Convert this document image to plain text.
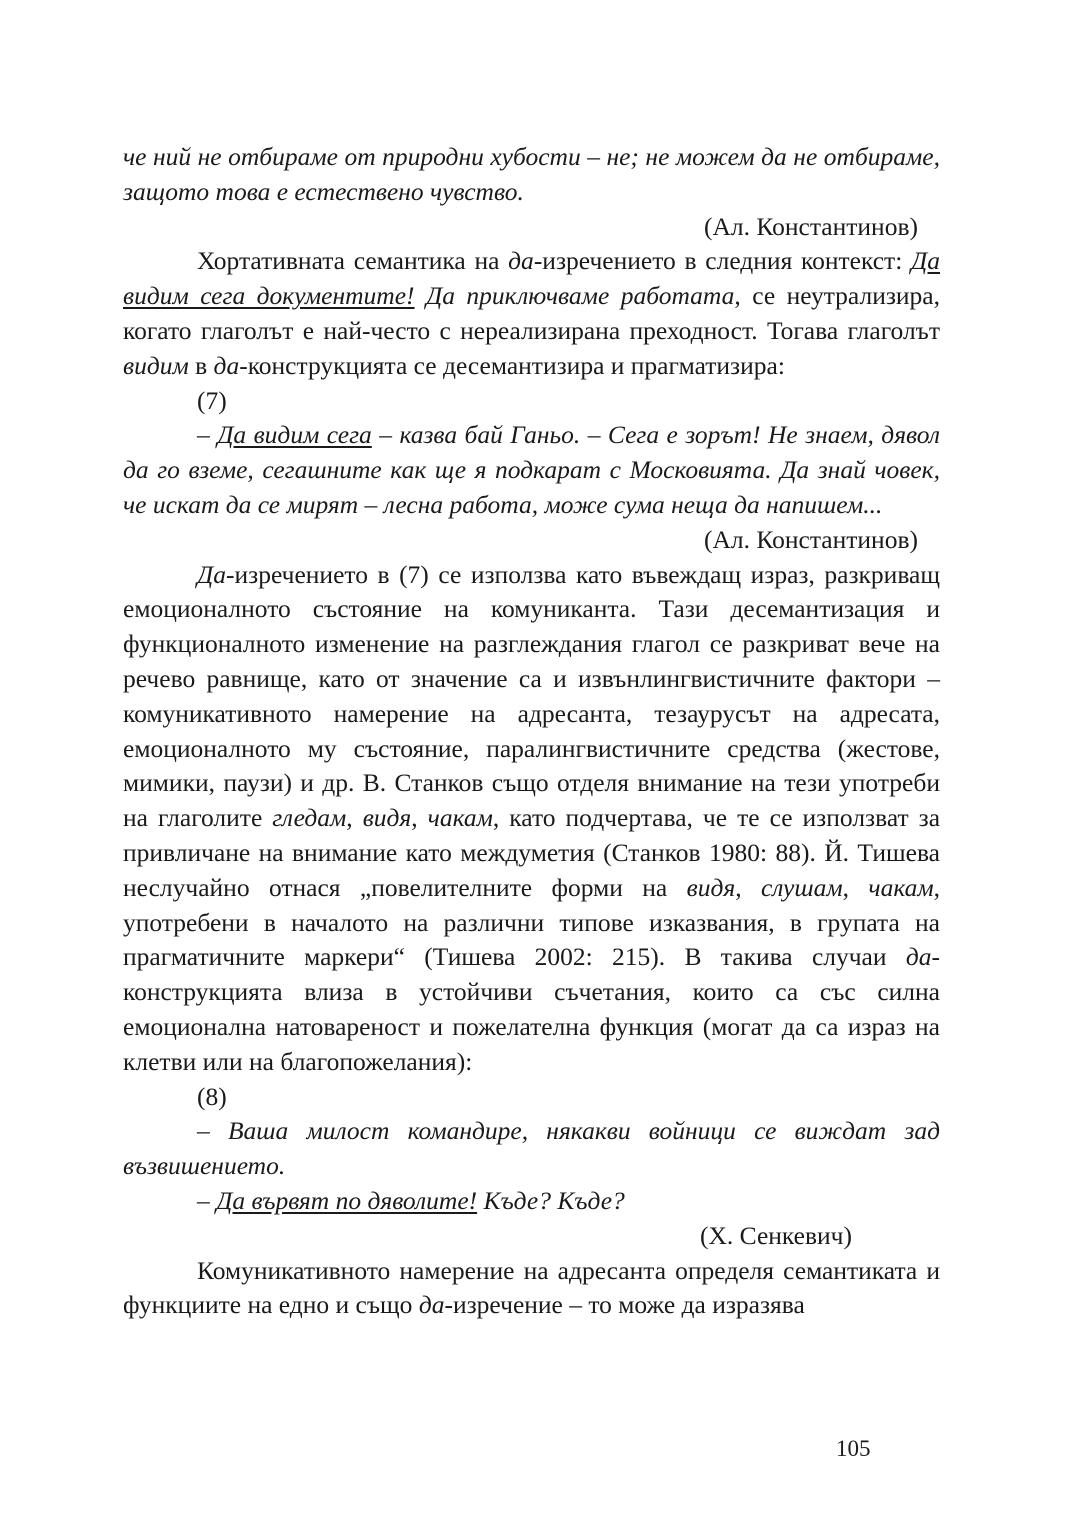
че ний не отбираме от природни хубости – не; не можем да не отбираме, защото това е естествено чувство.

(Ал. Константинов)

Хортативната семантика на да-изречението в следния контекст: Да видим сега документите! Да приключваме работата, се неутрализира, когато глаголът е най-често с нереализирана преходност. Тогава глаголът видим в да-конструкцията се десемантизира и прагматизира:

(7)

– Да видим сега – казва бай Ганьо. – Сега е зорът! Не знаем, дявол да го вземе, сегашните как ще я подкарат с Московията. Да знай човек, че искат да се мирят – лесна работа, може сума неща да напишем...

(Ал. Константинов)

Да-изречението в (7) се използва като въвеждащ израз, разкриващ емоционалното състояние на комуниканта. Тази десемантизация и функционалното изменение на разглеждания глагол се разкриват вече на речево равнище, като от значение са и извънлингвистичните фактори – комуникативното намерение на адресанта, тезаурусът на адресата, емоционалното му състояние, паралингвистичните средства (жестове, мимики, паузи) и др. В. Станков също отделя внимание на тези употреби на глаголите гледам, видя, чакам, като подчертава, че те се използват за привличане на внимание като междуметия (Станков 1980: 88). Й. Тишева неслучайно отнася „повелителните форми на видя, слушам, чакам, употребени в началото на различни типове изказвания, в групата на прагматичните маркери“ (Тишева 2002: 215). В такива случаи да-конструкцията влиза в устойчиви съчетания, които са със силна емоционална натовареност и пожелателна функция (могат да са израз на клетви или на благопожелания):

(8)

– Ваша милост командире, някакви войници се виждат зад възвишението.

– Да вървят по дяволите! Къде? Къде?

(Х. Сенкевич)

Комуникативното намерение на адресанта определя семантиката и функциите на едно и също да-изречение – то може да изразява

105
